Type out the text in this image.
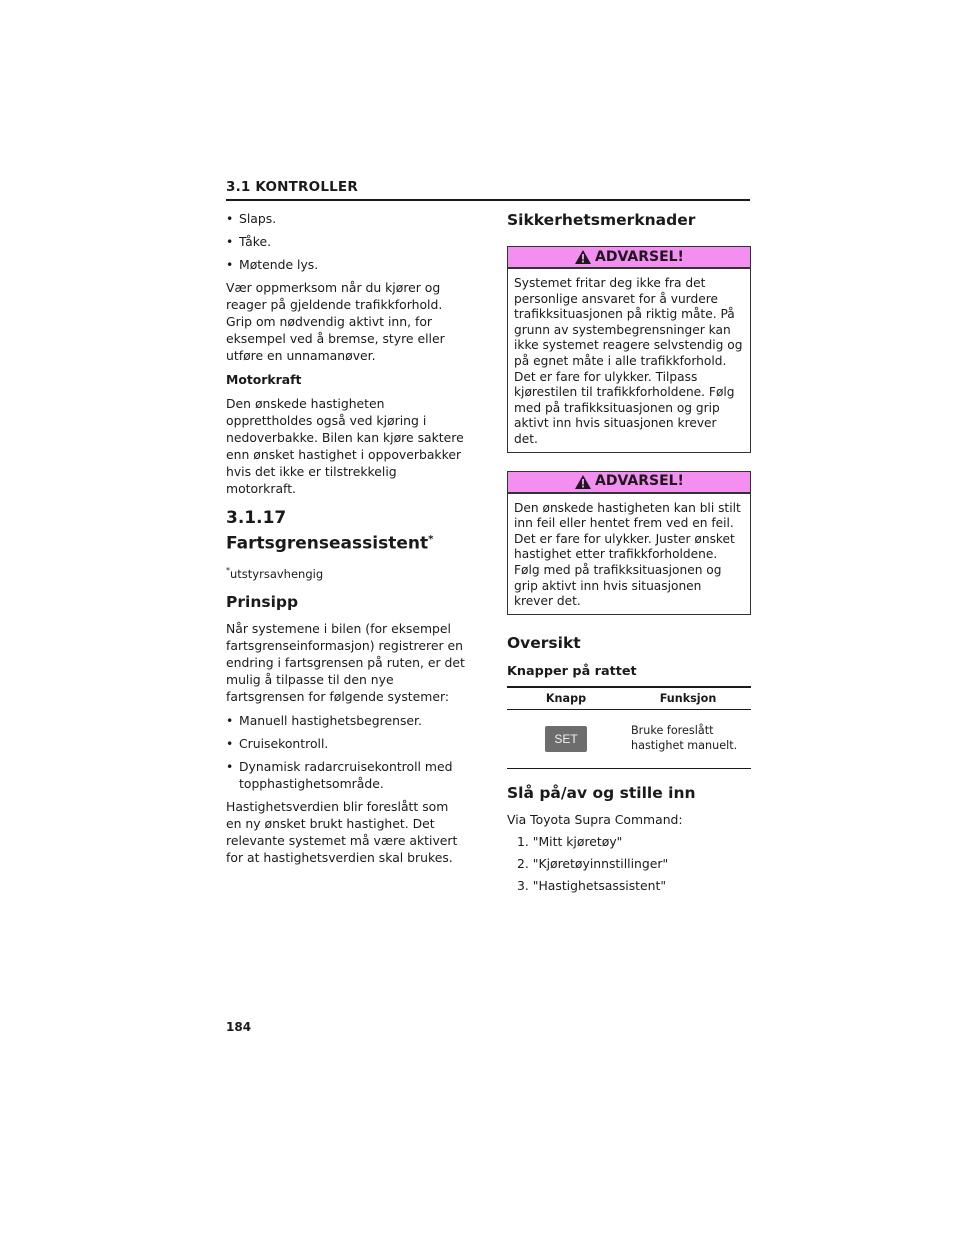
3.1 KONTROLLER
• Slaps.
• Tåke.
• Møtende lys.

Vær oppmerksom når du kjører og reager på gjeldende trafikkforhold. Grip om nødvendig aktivt inn, for eksempel ved å bremse, styre eller utføre en unnamanøver.

Motorkraft

Den ønskede hastigheten opprettholdes også ved kjøring i nedoverbakke. Bilen kan kjøre saktere enn ønsket hastighet i oppoverbakker hvis det ikke er tilstrekkelig motorkraft.

3.1.17 Fartsgrenseassistent*
*utstyrsavhengig
Prinsipp

Når systemene i bilen (for eksempel fartsgrenseinformasjon) registrerer en endring i fartsgrensen på ruten, er det mulig å tilpasse til den nye fartsgrensen for følgende systemer:

• Manuell hastighetsbegrenser.
• Cruisekontroll.
• Dynamisk radarcruisekontroll med topphastighetsområde.

Hastighetsverdien blir foreslått som en ny ønsket brukt hastighet. Det relevante systemet må være aktivert for at hastighetsverdien skal brukes.

Sikkerhetsmerknader
ADVARSEL!
Systemet fritar deg ikke fra det personlige ansvaret for å vurdere trafikksituasjonen på riktig måte. På grunn av systembegrensninger kan ikke systemet reagere selvstendig og på egnet måte i alle trafikkforhold. Det er fare for ulykker. Tilpass kjørestilen til trafikkforholdene. Følg med på trafikksituasjonen og grip aktivt inn hvis situasjonen krever det.
ADVARSEL!
Den ønskede hastigheten kan bli stilt inn feil eller hentet frem ved en feil. Det er fare for ulykker. Juster ønsket hastighet etter trafikkforholdene. Følg med på trafikksituasjonen og grip aktivt inn hvis situasjonen krever det.
Oversikt
Knapper på rattet
Knapp	Funksjon
SET	Bruke foreslått hastighet manuelt.
Slå på/av og stille inn

Via Toyota Supra Command:

1. "Mitt kjøretøy"
2. "Kjøretøyinnstillinger"
3. "Hastighetsassistent"
184
